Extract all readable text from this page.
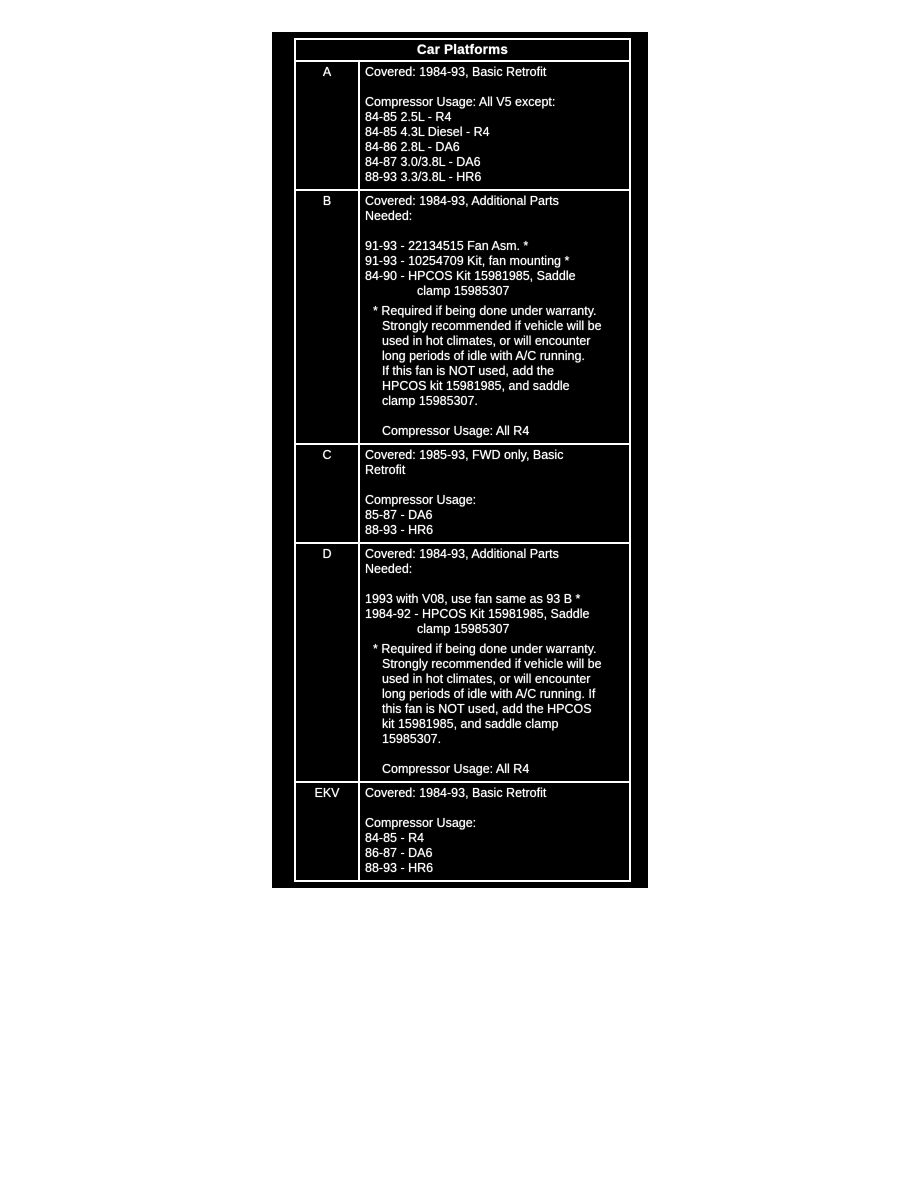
Car Platforms
A	Covered: 1984-93, Basic Retrofit
Compressor Usage: All V5 except:
84-85 2.5L - R4
84-85 4.3L Diesel - R4
84-86 2.8L - DA6
84-87 3.0/3.8L - DA6
88-93 3.3/3.8L - HR6
B	Covered: 1984-93, Additional Parts
Needed:
91-93 - 22134515 Fan Asm. *
91-93 - 10254709 Kit, fan mounting *
84-90 - HPCOS Kit 15981985, Saddle
clamp 15985307
* Required if being done under warranty.
Strongly recommended if vehicle will be
used in hot climates, or will encounter
long periods of idle with A/C running.
If this fan is NOT used, add the
HPCOS kit 15981985, and saddle
clamp 15985307.
Compressor Usage: All R4
C	Covered: 1985-93, FWD only, Basic
Retrofit
Compressor Usage:
85-87 - DA6
88-93 - HR6
D	Covered: 1984-93, Additional Parts
Needed:
1993 with V08, use fan same as 93 B *
1984-92 - HPCOS Kit 15981985, Saddle
clamp 15985307
* Required if being done under warranty.
Strongly recommended if vehicle will be
used in hot climates, or will encounter
long periods of idle with A/C running. If
this fan is NOT used, add the HPCOS
kit 15981985, and saddle clamp
15985307.
Compressor Usage: All R4
EKV	Covered: 1984-93, Basic Retrofit
Compressor Usage:
84-85 - R4
86-87 - DA6
88-93 - HR6
